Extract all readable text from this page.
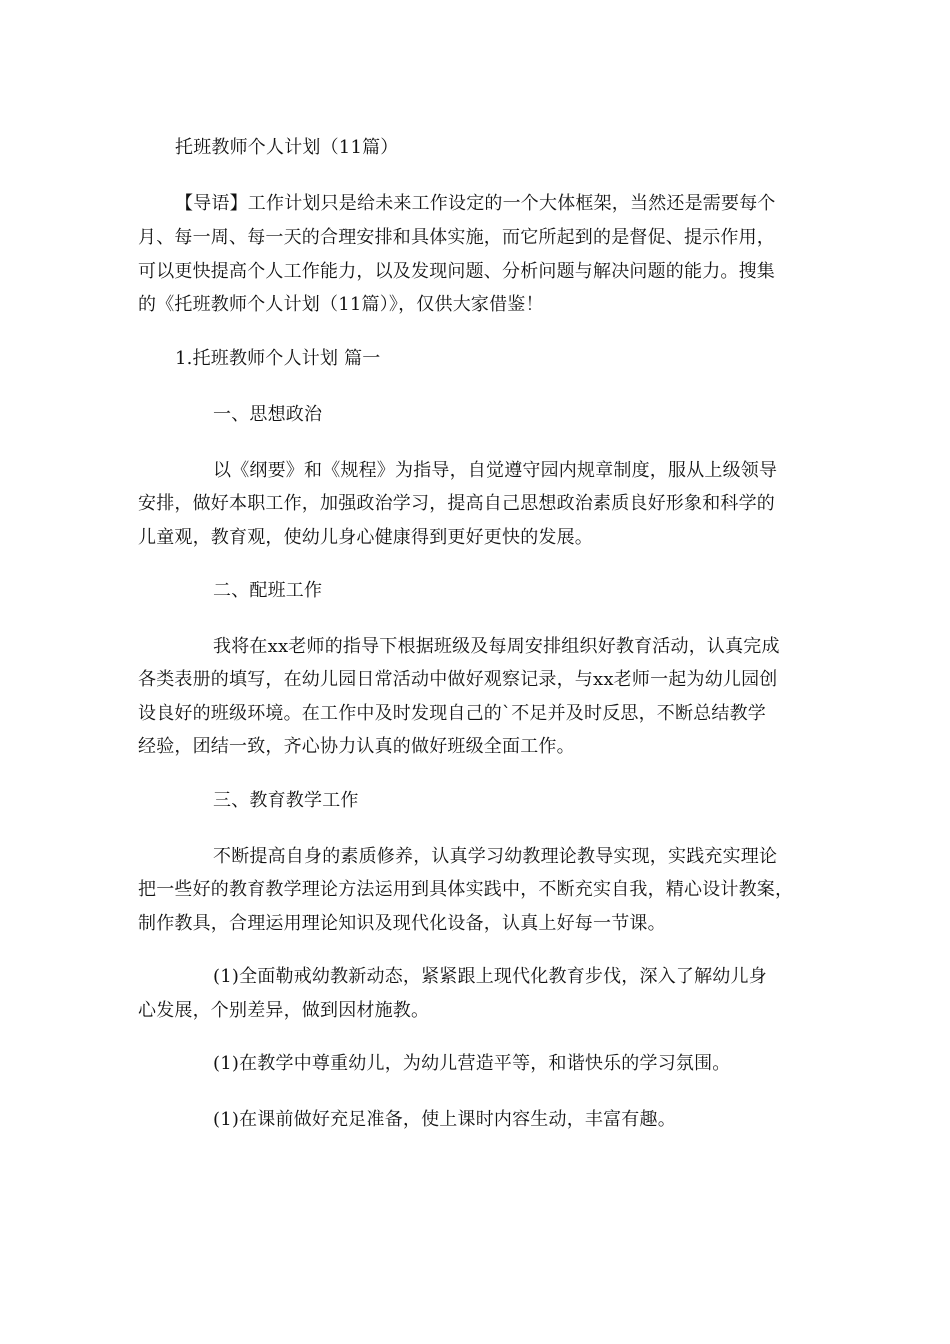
托班教师个人计划（11篇）
【导语】工作计划只是给未来工作设定的一个大体框架，当然还是需要每个
月、每一周、每一天的合理安排和具体实施，而它所起到的是督促、提示作用，
可以更快提高个人工作能力，以及发现问题、分析问题与解决问题的能力。搜集
的《托班教师个人计划（11篇）》，仅供大家借鉴！
1.托班教师个人计划 篇一
一、思想政治
以《纲要》和《规程》为指导，自觉遵守园内规章制度，服从上级领导
安排，做好本职工作，加强政治学习，提高自己思想政治素质良好形象和科学的
儿童观，教育观，使幼儿身心健康得到更好更快的发展。
二、配班工作
我将在xx老师的指导下根据班级及每周安排组织好教育活动，认真完成
各类表册的填写，在幼儿园日常活动中做好观察记录，与xx老师一起为幼儿园创
设良好的班级环境。在工作中及时发现自己的`不足并及时反思，不断总结教学
经验，团结一致，齐心协力认真的做好班级全面工作。
三、教育教学工作
不断提高自身的素质修养，认真学习幼教理论教导实现，实践充实理论
把一些好的教育教学理论方法运用到具体实践中，不断充实自我，精心设计教案，
制作教具，合理运用理论知识及现代化设备，认真上好每一节课。
(1)全面勒戒幼教新动态，紧紧跟上现代化教育步伐，深入了解幼儿身
心发展，个别差异，做到因材施教。
(1)在教学中尊重幼儿，为幼儿营造平等，和谐快乐的学习氛围。
(1)在课前做好充足准备，使上课时内容生动，丰富有趣。
